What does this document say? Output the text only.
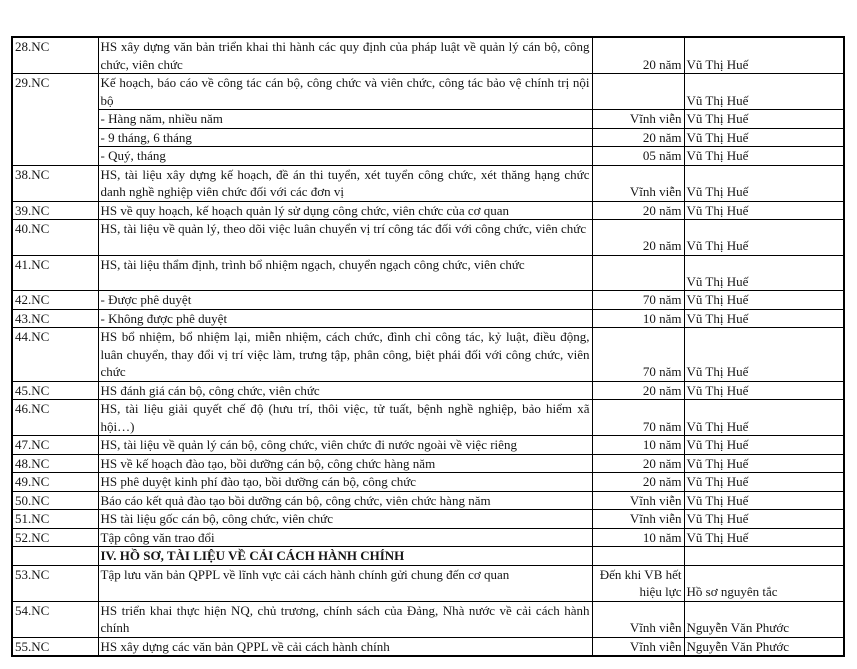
28.NC	HS xây dựng văn bản triển khai thi hành các quy định của pháp luật về quản lý cán bộ, công chức, viên chức	20 năm	Vũ Thị Huế
29.NC	Kế hoạch, báo cáo về công tác cán bộ, công chức và viên chức, công tác bảo vệ chính trị nội bộ		Vũ Thị Huế
	- Hàng năm, nhiều năm	Vĩnh viễn	Vũ Thị Huế
	- 9 tháng, 6 tháng	20 năm	Vũ Thị Huế
	- Quý, tháng	05 năm	Vũ Thị Huế
38.NC	HS, tài liệu xây dựng kế hoạch, đề án thi tuyển, xét tuyển công chức, xét thăng hạng chức danh nghề nghiệp viên chức đối với các đơn vị	Vĩnh viễn	Vũ Thị Huế
39.NC	HS về quy hoạch, kế hoạch quản lý sử dụng công chức, viên chức của cơ quan	20 năm	Vũ Thị Huế
40.NC	HS, tài liệu về quản lý, theo dõi việc luân chuyển vị trí công tác đối với công chức, viên chức	20 năm	Vũ Thị Huế
41.NC	HS, tài liệu thẩm định, trình bổ nhiệm ngạch, chuyển ngạch công chức, viên chức		Vũ Thị Huế
42.NC	- Được phê duyệt	70 năm	Vũ Thị Huế
43.NC	- Không được phê duyệt	10 năm	Vũ Thị Huế
44.NC	HS bổ nhiệm, bổ nhiệm lại, miễn nhiệm, cách chức, đình chỉ công tác, kỷ luật, điều động, luân chuyển, thay đổi vị trí việc làm, trưng tập, phân công, biệt phái đối với công chức, viên chức	70 năm	Vũ Thị Huế
45.NC	HS đánh giá cán bộ, công chức, viên chức	20 năm	Vũ Thị Huế
46.NC	HS, tài liệu giải quyết chế độ (hưu trí, thôi việc, tử tuất, bệnh nghề nghiệp, bảo hiểm xã hội…)	70 năm	Vũ Thị Huế
47.NC	HS, tài liệu về quản lý cán bộ, công chức, viên chức đi nước ngoài về việc riêng	10 năm	Vũ Thị Huế
48.NC	HS về kế hoạch đào tạo, bồi dưỡng cán bộ, công chức hàng năm	20 năm	Vũ Thị Huế
49.NC	HS phê duyệt kinh phí đào tạo, bồi dưỡng cán bộ, công chức	20 năm	Vũ Thị Huế
50.NC	Báo cáo kết quả đào tạo bồi dưỡng cán bộ, công chức, viên chức hàng năm	Vĩnh viễn	Vũ Thị Huế
51.NC	HS tài liệu gốc cán bộ, công chức, viên chức	Vĩnh viễn	Vũ Thị Huế
52.NC	Tập công văn trao đổi	10 năm	Vũ Thị Huế
	IV. HỒ SƠ, TÀI LIỆU VỀ CẢI CÁCH HÀNH CHÍNH		
53.NC	Tập lưu văn bản QPPL về lĩnh vực cải cách hành chính gửi chung đến cơ quan	Đến khi VB hết hiệu lực	Hồ sơ nguyên tắc
54.NC	HS triển khai thực hiện NQ, chủ trương, chính sách của Đảng, Nhà nước về cải cách hành chính	Vĩnh viễn	Nguyễn Văn Phước
55.NC	HS xây dựng các văn bản QPPL về cải cách hành chính	Vĩnh viễn	Nguyễn Văn Phước
